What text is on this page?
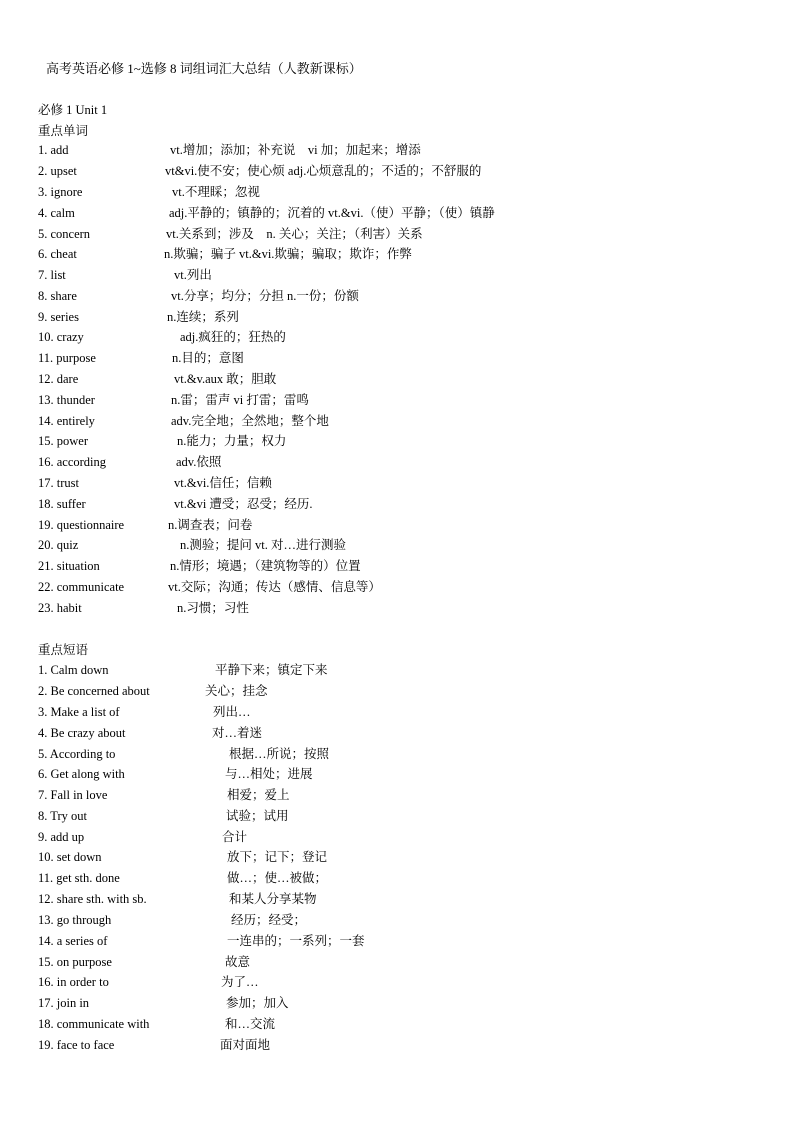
高考英语必修 1~选修 8 词组词汇大总结（人教新课标）
必修 1 Unit 1
重点单词
1. add	vt.增加；添加；补充说　vi 加；加起来；增添
2. upset	vt&vi.使不安；使心烦 adj.心烦意乱的；不适的；不舒服的
3. ignore	vt.不理睬；忽视
4. calm	adj.平静的；镇静的；沉着的 vt.&vi.（使）平静；（使）镇静
5. concern	vt.关系到；涉及　n. 关心；关注；（利害）关系
6. cheat	n.欺骗；骗子 vt.&vi.欺骗；骗取；欺诈；作弊
7. list	vt.列出
8. share	vt.分享；均分；分担 n.一份；份额
9. series	n.连续；系列
10. crazy	adj.疯狂的；狂热的
11. purpose	n.目的；意图
12. dare	vt.&v.aux 敢；胆敢
13. thunder	n.雷；雷声 vi 打雷；雷鸣
14. entirely	adv.完全地；全然地；整个地
15. power	n.能力；力量；权力
16. according	adv.依照
17. trust	vt.&vi.信任；信赖
18. suffer	vt.&vi 遭受；忍受；经历.
19. questionnaire	n.调查表；问卷
20. quiz	n.测验；提问 vt. 对…进行测验
21. situation	n.情形；境遇；（建筑物等的）位置
22. communicate	vt.交际；沟通；传达（感情、信息等）
23. habit	n.习惯；习性
重点短语
1. Calm down	平静下来；镇定下来
2. Be concerned about	关心；挂念
3. Make a list of	列出…
4. Be crazy about	对…着迷
5. According to	根据…所说；按照
6. Get along with	与…相处；进展
7. Fall in love	相爱；爱上
8. Try out	试验；试用
9. add up	合计
10. set down	放下；记下；登记
11. get sth. done	做…；使…被做；
12. share sth. with sb.	和某人分享某物
13. go through	经历；经受；
14. a series of	一连串的；一系列；一套
15. on purpose	故意
16. in order to	为了…
17. join in	参加；加入
18. communicate with	和…交流
19. face to face	面对面地
